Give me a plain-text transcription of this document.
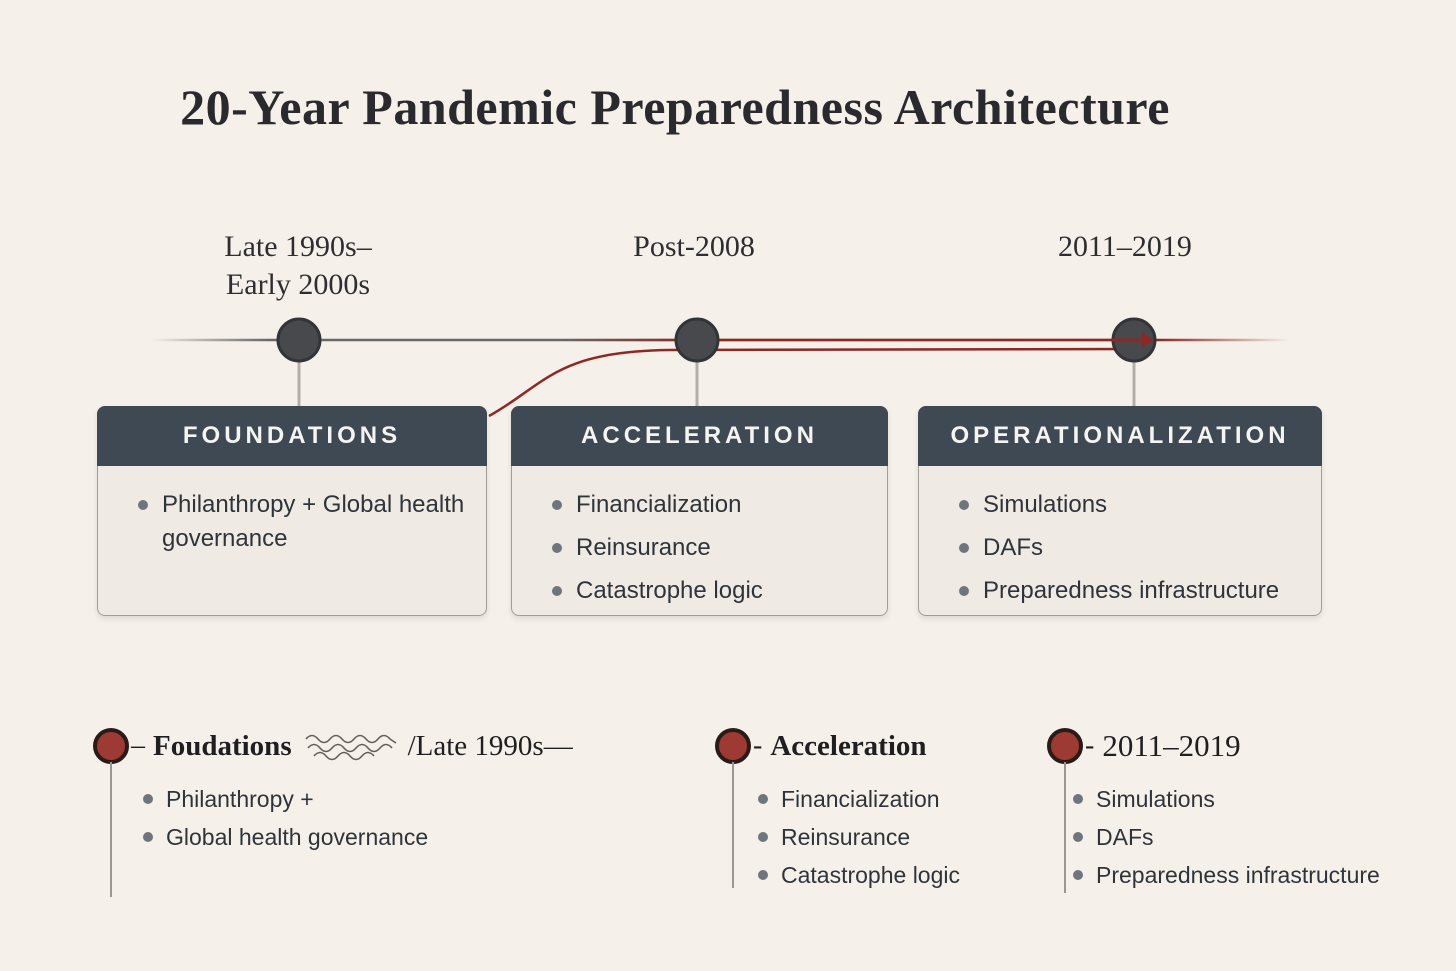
20-Year Pandemic Preparedness Architecture
Late 1990s–
Early 2000s
Post-2008	2011–2019
FOUNDATIONS
Philanthropy + Global health governance
ACCELERATION
Financialization
Reinsurance
Catastrophe logic
OPERATIONALIZATION
Simulations
DAFs
Preparedness infrastructure
– Foudations	/Late 1990s—
Philanthropy +
Global health governance
- Acceleration
Financialization
Reinsurance
Catastrophe logic
- 2011–2019
Simulations
DAFs
Preparedness infrastructure
